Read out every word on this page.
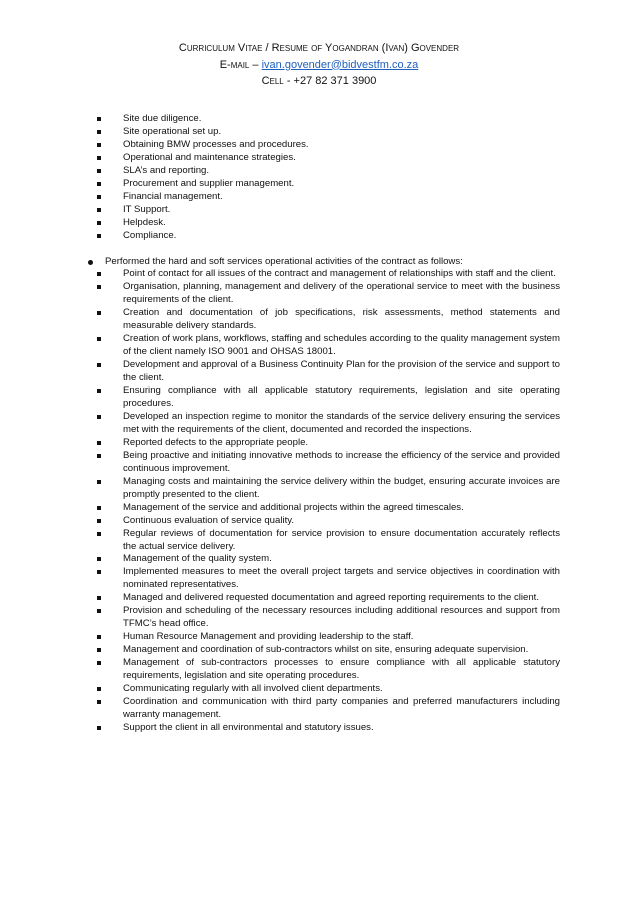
Curriculum Vitae / Resume of Yogandran (Ivan) Govender
E-mail – ivan.govender@bidvestfm.co.za
Cell - +27 82 371 3900
Site due diligence.
Site operational set up.
Obtaining BMW processes and procedures.
Operational and maintenance strategies.
SLA’s and reporting.
Procurement and supplier management.
Financial management.
IT Support.
Helpdesk.
Compliance.
Performed the hard and soft services operational activities of the contract as follows:
Point of contact for all issues of the contract and management of relationships with staff and the client.
Organisation, planning, management and delivery of the operational service to meet with the business requirements of the client.
Creation and documentation of job specifications, risk assessments, method statements and measurable delivery standards.
Creation of work plans, workflows, staffing and schedules according to the quality management system of the client namely ISO 9001 and OHSAS 18001.
Development and approval of a Business Continuity Plan for the provision of the service and support to the client.
Ensuring compliance with all applicable statutory requirements, legislation and site operating procedures.
Developed an inspection regime to monitor the standards of the service delivery ensuring the services met with the requirements of the client, documented and recorded the inspections.
Reported defects to the appropriate people.
Being proactive and initiating innovative methods to increase the efficiency of the service and provided continuous improvement.
Managing costs and maintaining the service delivery within the budget, ensuring accurate invoices are promptly presented to the client.
Management of the service and additional projects within the agreed timescales.
Continuous evaluation of service quality.
Regular reviews of documentation for service provision to ensure documentation accurately reflects the actual service delivery.
Management of the quality system.
Implemented measures to meet the overall project targets and service objectives in coordination with nominated representatives.
Managed and delivered requested documentation and agreed reporting requirements to the client.
Provision and scheduling of the necessary resources including additional resources and support from TFMC’s head office.
Human Resource Management and providing leadership to the staff.
Management and coordination of sub-contractors whilst on site, ensuring adequate supervision.
Management of sub-contractors processes to ensure compliance with all applicable statutory requirements, legislation and site operating procedures.
Communicating regularly with all involved client departments.
Coordination and communication with third party companies and preferred manufacturers including warranty management.
Support the client in all environmental and statutory issues.
